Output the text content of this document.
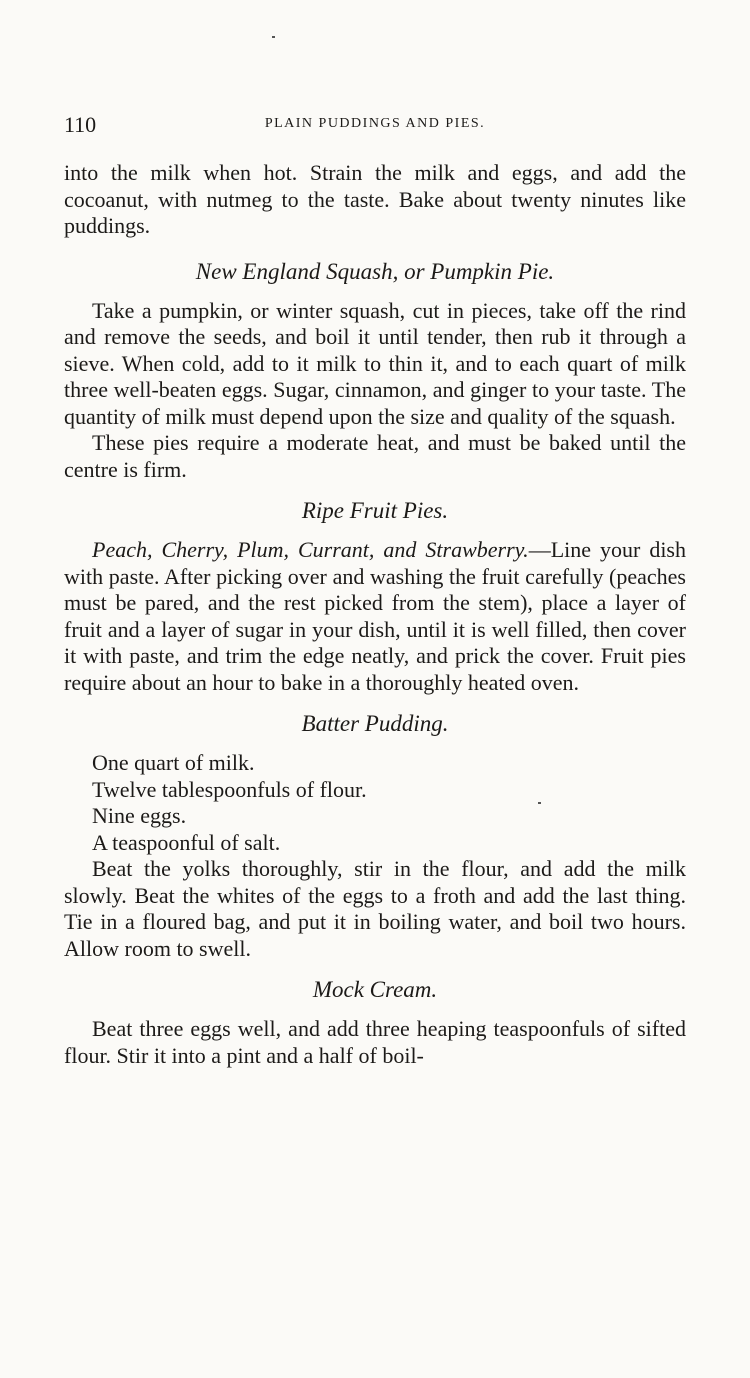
110	PLAIN PUDDINGS AND PIES.

into the milk when hot. Strain the milk and eggs, and add the cocoanut, with nutmeg to the taste. Bake about twenty ninutes like puddings.

New England Squash, or Pumpkin Pie.

Take a pumpkin, or winter squash, cut in pieces, take off the rind and remove the seeds, and boil it until tender, then rub it through a sieve. When cold, add to it milk to thin it, and to each quart of milk three well-beaten eggs. Sugar, cinnamon, and ginger to your taste. The quantity of milk must depend upon the size and quality of the squash.

These pies require a moderate heat, and must be baked until the centre is firm.

Ripe Fruit Pies.

Peach, Cherry, Plum, Currant, and Strawberry.—Line your dish with paste. After picking over and washing the fruit carefully (peaches must be pared, and the rest picked from the stem), place a layer of fruit and a layer of sugar in your dish, until it is well filled, then cover it with paste, and trim the edge neatly, and prick the cover. Fruit pies require about an hour to bake in a thoroughly heated oven.

Batter Pudding.
One quart of milk.
Twelve tablespoonfuls of flour.
Nine eggs.
A teaspoonful of salt.

Beat the yolks thoroughly, stir in the flour, and add the milk slowly. Beat the whites of the eggs to a froth and add the last thing. Tie in a floured bag, and put it in boiling water, and boil two hours. Allow room to swell.

Mock Cream.

Beat three eggs well, and add three heaping teaspoonfuls of sifted flour. Stir it into a pint and a half of boil-
